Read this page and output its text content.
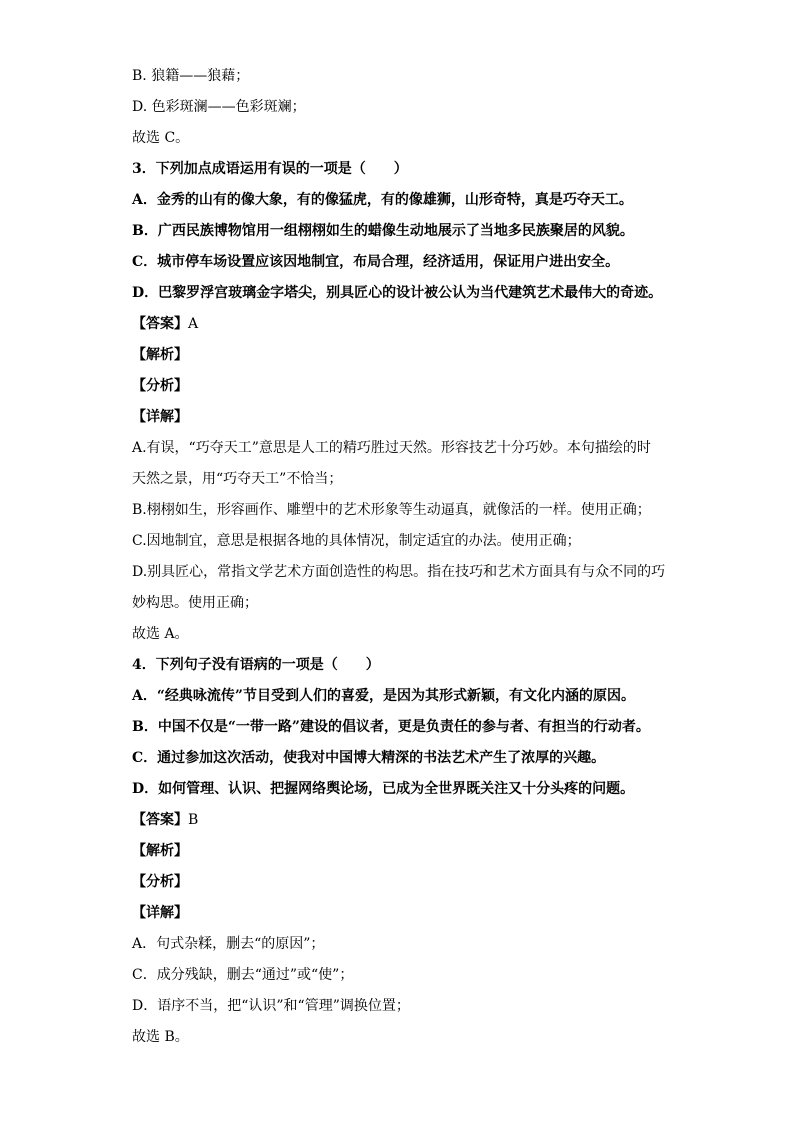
B. 狼籍——狼藉；
D. 色彩斑澜——色彩斑斓；
故选 C。
3．下列加点成语运用有误的一项是（　　）
A．金秀的山有的像大象，有的像猛虎，有的像雄狮，山形奇特，真是巧夺天工。
B．广西民族博物馆用一组栩栩如生的蜡像生动地展示了当地多民族聚居的风貌。
C．城市停车场设置应该因地制宜，布局合理，经济适用，保证用户进出安全。
D．巴黎罗浮宫玻璃金字塔尖，别具匠心的设计被公认为当代建筑艺术最伟大的奇迹。
【答案】A
【解析】
【分析】
【详解】
A.有误，“巧夺天工”意思是人工的精巧胜过天然。形容技艺十分巧妙。本句描绘的时
天然之景，用“巧夺天工”不恰当；
B.栩栩如生，形容画作、雕塑中的艺术形象等生动逼真，就像活的一样。使用正确；
C.因地制宜，意思是根据各地的具体情况，制定适宜的办法。使用正确；
D.别具匠心，常指文学艺术方面创造性的构思。指在技巧和艺术方面具有与众不同的巧
妙构思。使用正确；
故选 A。
4．下列句子没有语病的一项是（　　）
A．“经典咏流传”节目受到人们的喜爱，是因为其形式新颖，有文化内涵的原因。
B．中国不仅是“一带一路”建设的倡议者，更是负责任的参与者、有担当的行动者。
C．通过参加这次活动，使我对中国博大精深的书法艺术产生了浓厚的兴趣。
D．如何管理、认识、把握网络舆论场，已成为全世界既关注又十分头疼的问题。
【答案】B
【解析】
【分析】
【详解】
A．句式杂糅，删去“的原因”；
C．成分残缺，删去“通过”或“使”；
D．语序不当，把“认识”和“管理”调换位置；
故选 B。
